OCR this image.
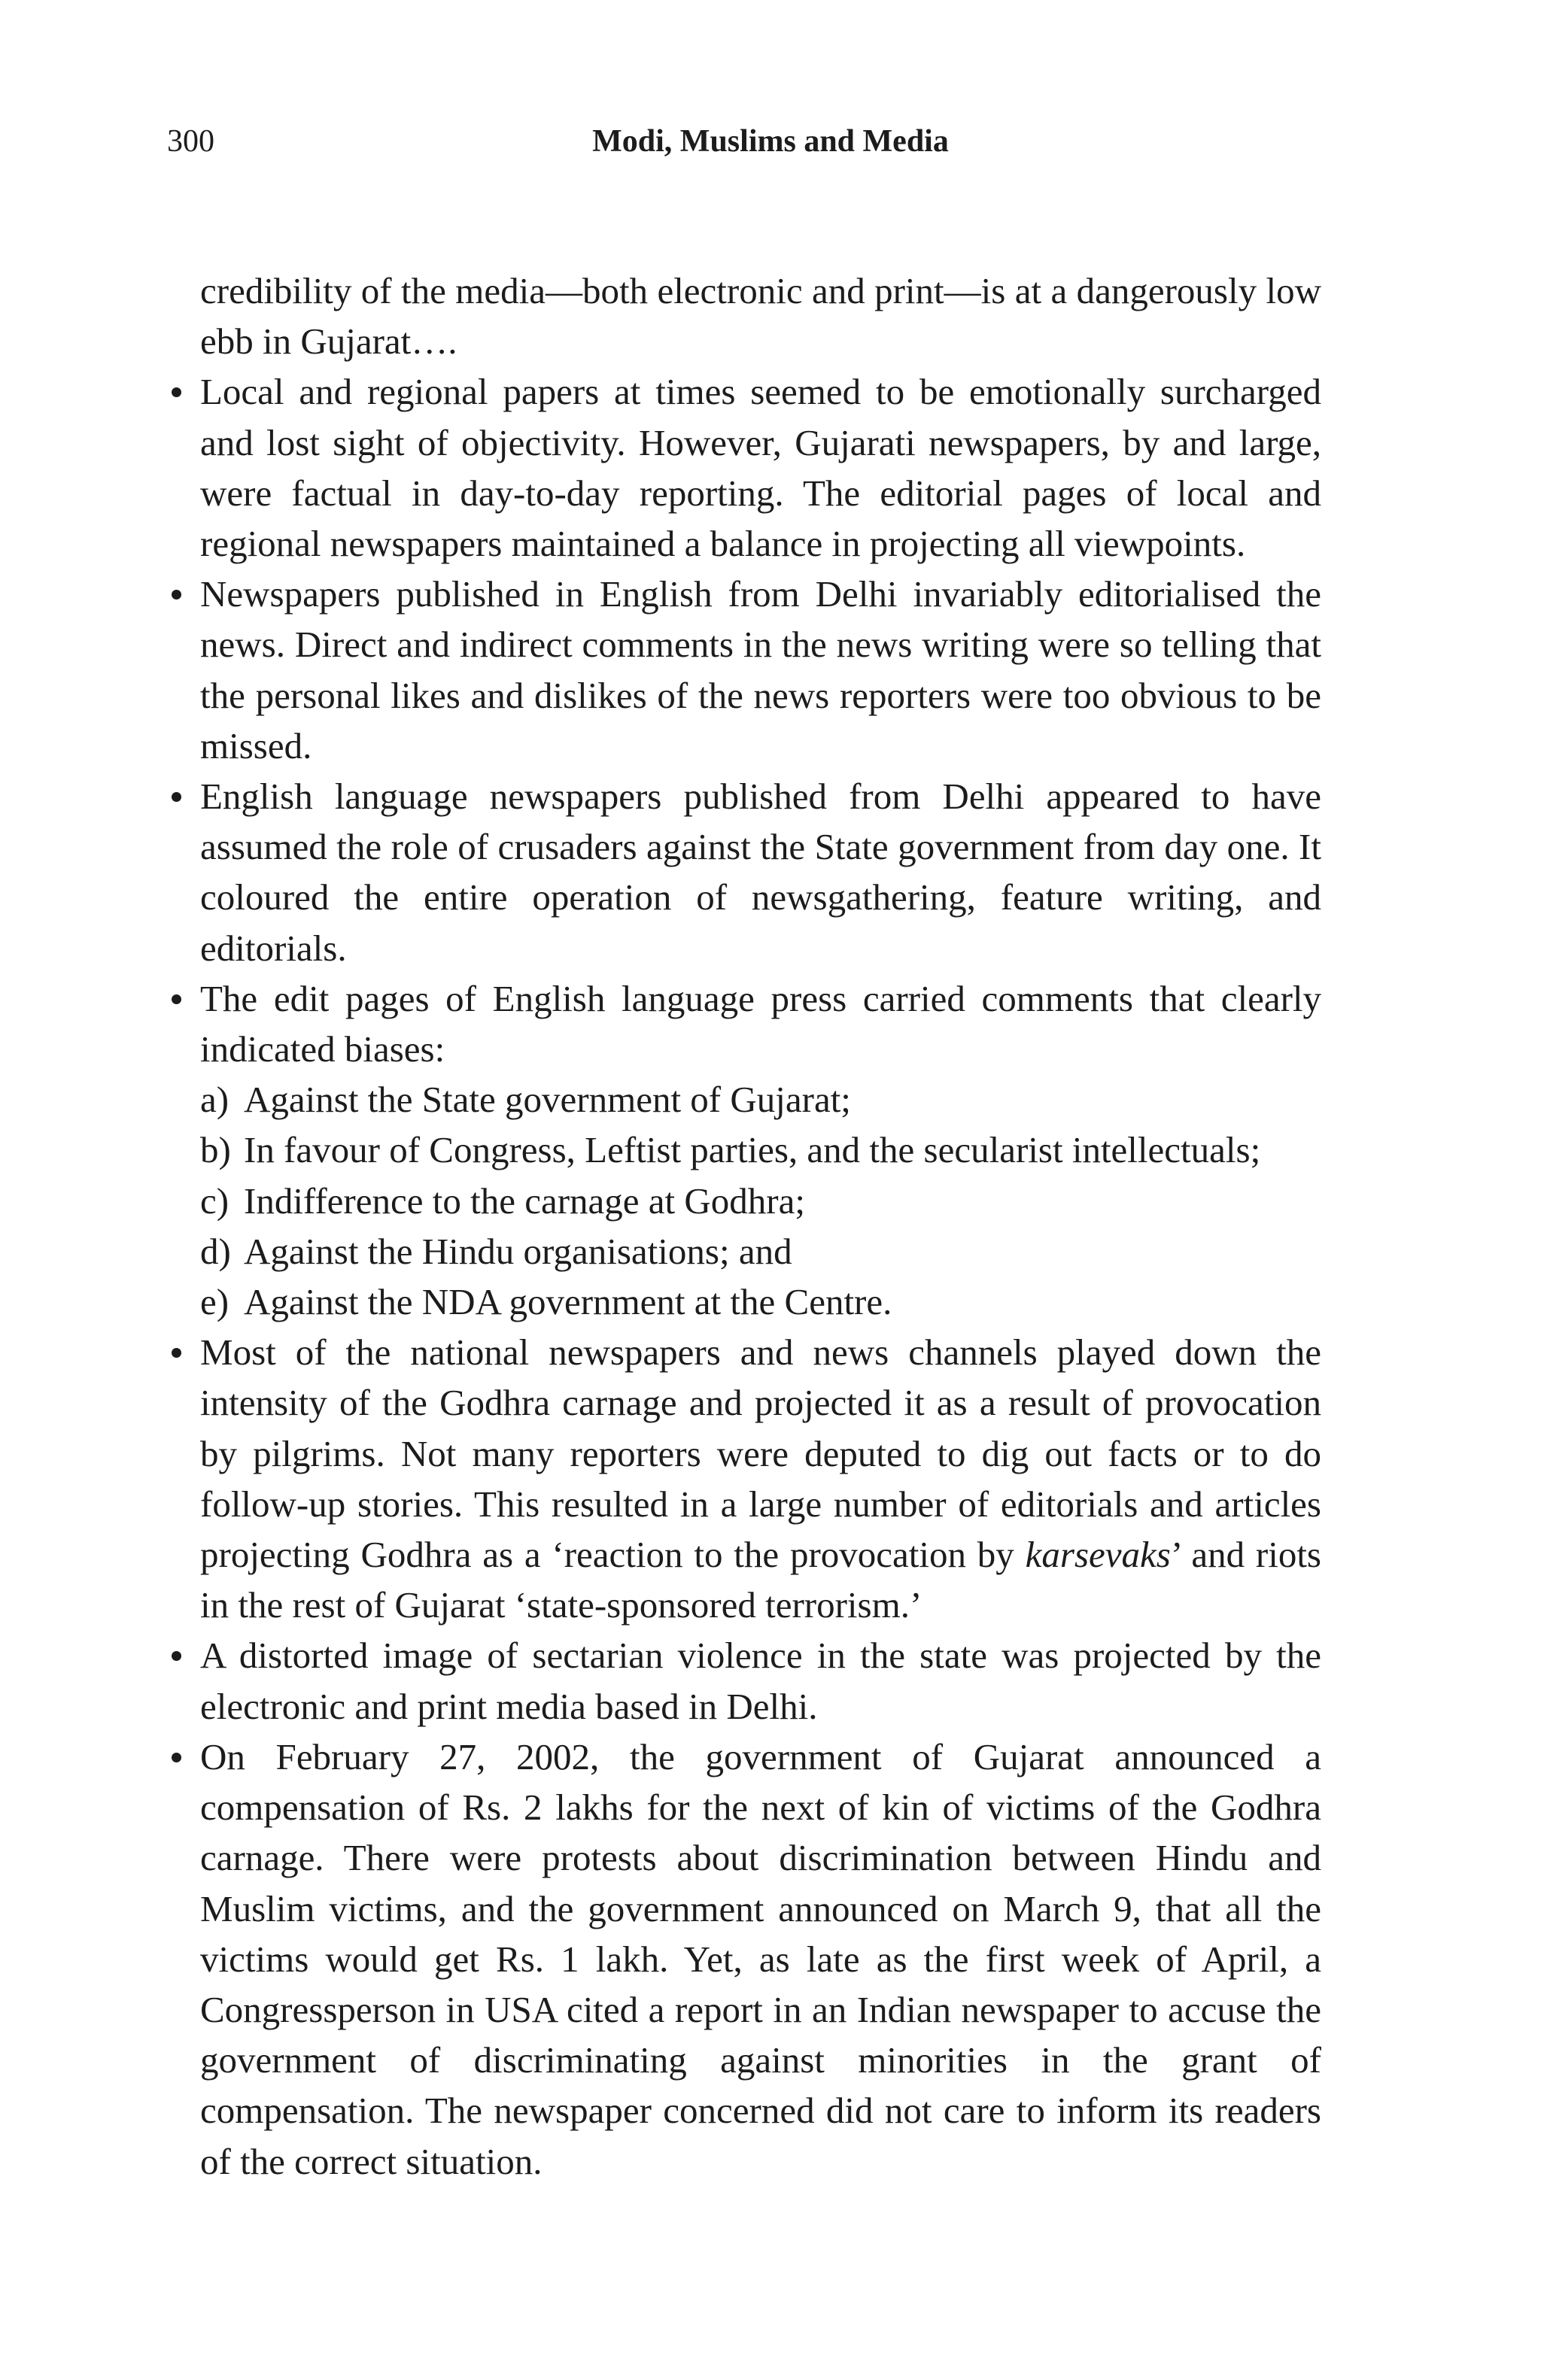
300	Modi, Muslims and Media

credibility of the media—both electronic and print—is at a dangerously low ebb in Gujarat….

Local and regional papers at times seemed to be emotionally surcharged and lost sight of objectivity. However, Gujarati newspapers, by and large, were factual in day-to-day reporting. The editorial pages of local and regional newspapers maintained a balance in projecting all viewpoints.
Newspapers published in English from Delhi invariably editorialised the news. Direct and indirect comments in the news writing were so telling that the personal likes and dislikes of the news reporters were too obvious to be missed.
English language newspapers published from Delhi appeared to have assumed the role of crusaders against the State government from day one. It coloured the entire operation of newsgathering, feature writing, and editorials.
The edit pages of English language press carried comments that clearly indicated biases:
a) Against the State government of Gujarat;
b) In favour of Congress, Leftist parties, and the secularist intellectuals;
c) Indifference to the carnage at Godhra;
d) Against the Hindu organisations; and
e) Against the NDA government at the Centre.
Most of the national newspapers and news channels played down the intensity of the Godhra carnage and projected it as a result of provocation by pilgrims. Not many reporters were deputed to dig out facts or to do follow-up stories. This resulted in a large number of editorials and articles projecting Godhra as a ‘reaction to the provocation by karsevaks’ and riots in the rest of Gujarat ‘state-sponsored terrorism.’
A distorted image of sectarian violence in the state was projected by the electronic and print media based in Delhi.
On February 27, 2002, the government of Gujarat announced a compensation of Rs. 2 lakhs for the next of kin of victims of the Godhra carnage. There were protests about discrimination between Hindu and Muslim victims, and the government announced on March 9, that all the victims would get Rs. 1 lakh. Yet, as late as the first week of April, a Congressperson in USA cited a report in an Indian newspaper to accuse the government of discriminating against minorities in the grant of compensation. The newspaper concerned did not care to inform its readers of the correct situation.
